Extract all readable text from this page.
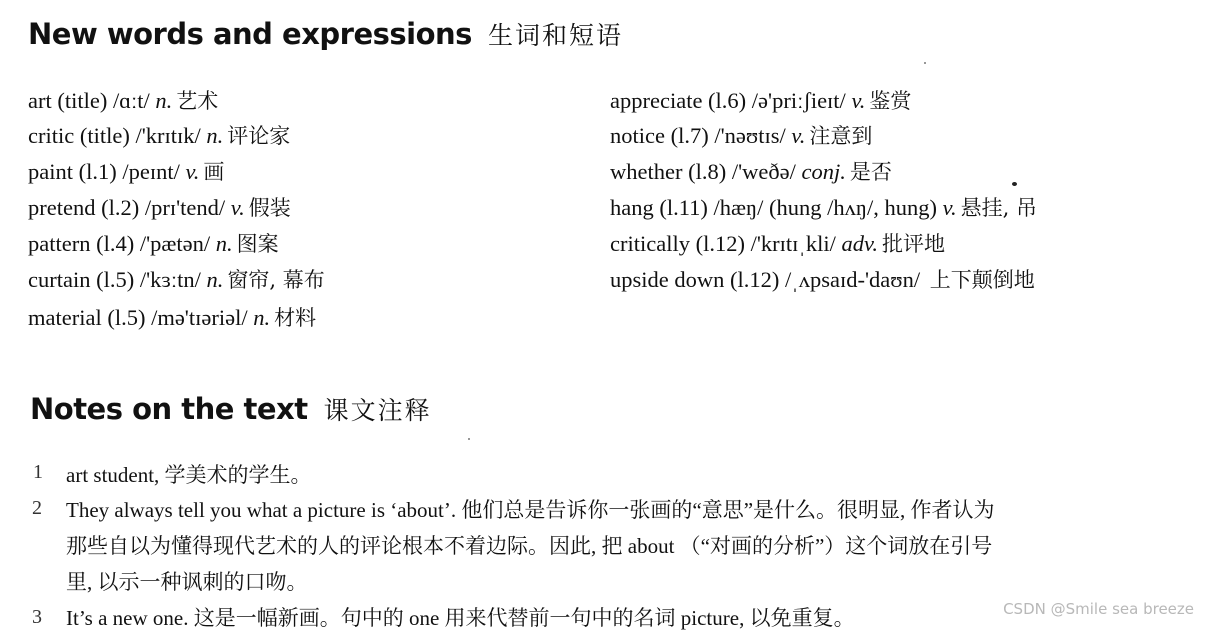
New words and expressions 生词和短语
art (title) /ɑːt/ n. 艺术
critic (title) /'krɪtɪk/ n. 评论家
paint (l.1) /peɪnt/ v. 画
pretend (l.2) /prɪ'tend/ v. 假装
pattern (l.4) /'pætən/ n. 图案
curtain (l.5) /'kɜːtn/ n. 窗帘, 幕布
material (l.5) /mə'tɪəriəl/ n. 材料
appreciate (l.6) /ə'priːʃieɪt/ v. 鉴赏
notice (l.7) /'nəʊtɪs/ v. 注意到
whether (l.8) /'weðə/ conj. 是否
hang (l.11) /hæŋ/ (hung /hʌŋ/, hung) v. 悬挂, 吊
critically (l.12) /'krɪtɪˌkli/ adv. 批评地
upside down (l.12) /ˌʌpsaɪd-'daʊn/ 上下颠倒地
Notes on the text 课文注释
1 art student, 学美术的学生。
2 They always tell you what a picture is ‘about’. 他们总是告诉你一张画的“意思”是什么。很明显, 作者认为
那些自以为懂得现代艺术的人的评论根本不着边际。因此, 把 about （“对画的分析”）这个词放在引号
里, 以示一种讽刺的口吻。
3 It’s a new one. 这是一幅新画。句中的 one 用来代替前一句中的名词 picture, 以免重复。	CSDN @Smile sea breeze
